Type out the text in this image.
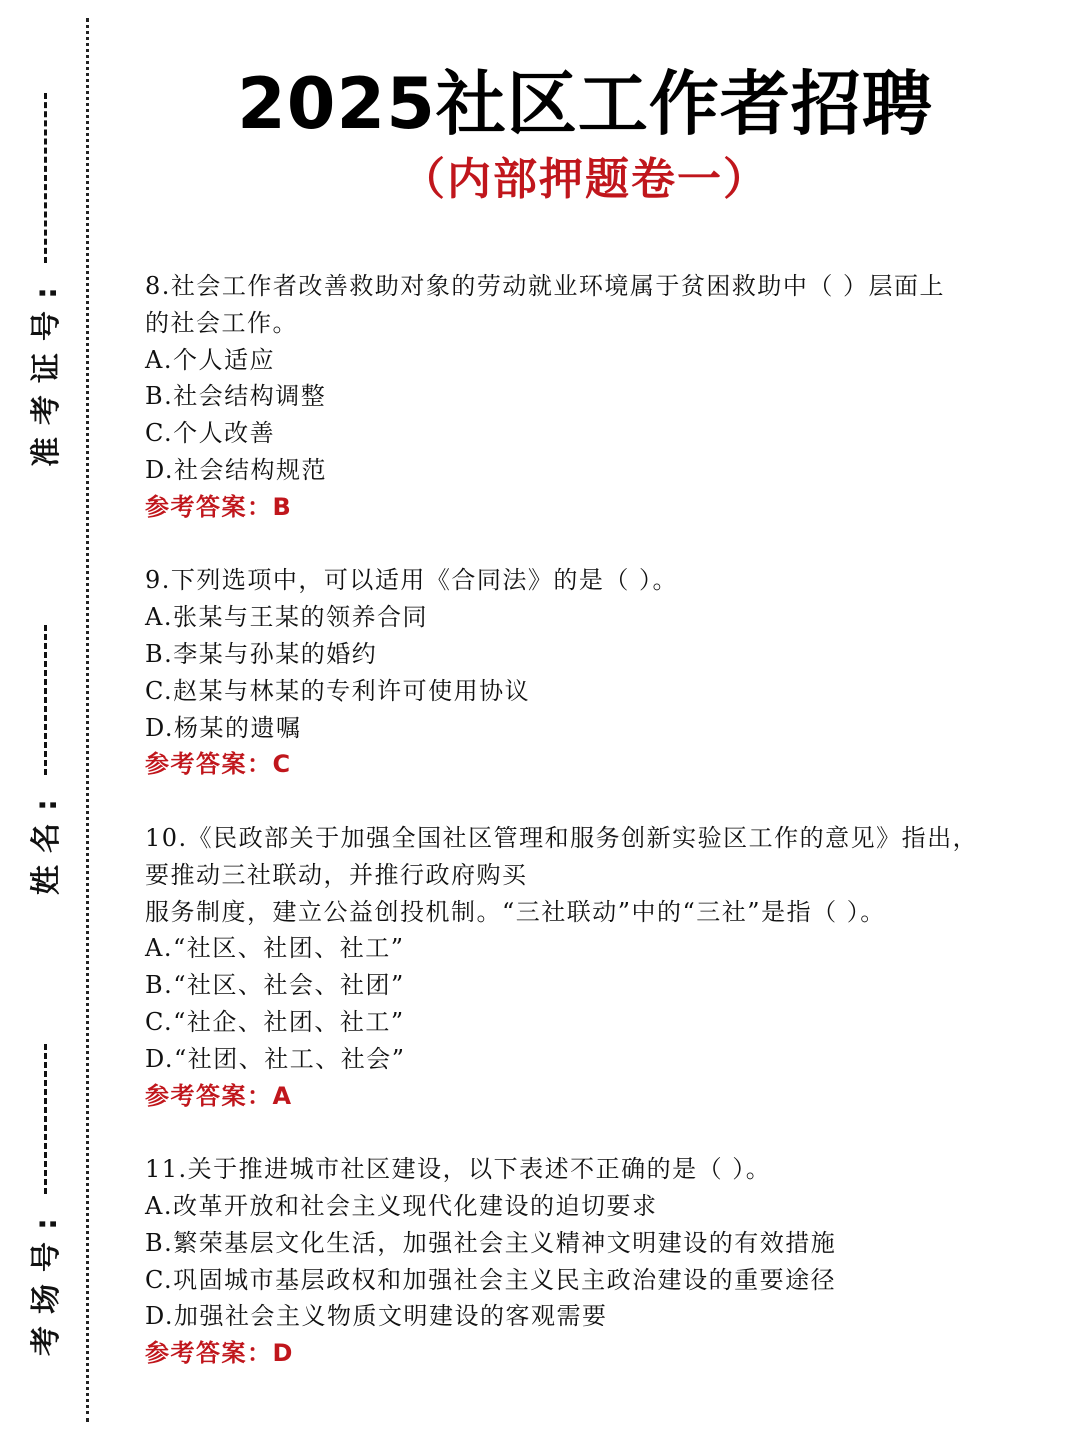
准考证号:
姓名:
考场号:
2025社区工作者招聘
（内部押题卷一）
8.社会工作者改善救助对象的劳动就业环境属于贫困救助中（ ）层面上
的社会工作。
A.个人适应
B.社会结构调整
C.个人改善
D.社会结构规范
参考答案：B
9.下列选项中，可以适用《合同法》的是（ ）。
A.张某与王某的领养合同
B.李某与孙某的婚约
C.赵某与林某的专利许可使用协议
D.杨某的遗嘱
参考答案：C
10.《民政部关于加强全国社区管理和服务创新实验区工作的意见》指出，
要推动三社联动，并推行政府购买
服务制度，建立公益创投机制。“三社联动”中的“三社”是指（ ）。
A.“社区、社团、社工”
B.“社区、社会、社团”
C.“社企、社团、社工”
D.“社团、社工、社会”
参考答案：A
11.关于推进城市社区建设，以下表述不正确的是（ ）。
A.改革开放和社会主义现代化建设的迫切要求
B.繁荣基层文化生活，加强社会主义精神文明建设的有效措施
C.巩固城市基层政权和加强社会主义民主政治建设的重要途径
D.加强社会主义物质文明建设的客观需要
参考答案：D
